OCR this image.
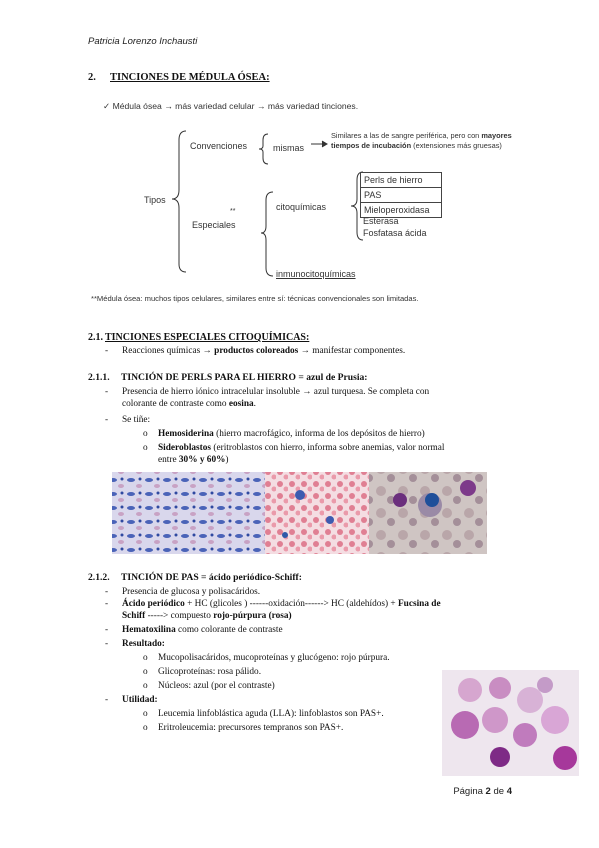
Patricia Lorenzo Inchausti
2. TINCIONES DE MÉDULA ÓSEA:
✓ Médula ósea → más variedad celular → más variedad tinciones.
Tipos
Convenciones	mismas
Similares a las de sangre periférica, pero con mayores
tiempos de incubación (extensiones más gruesas)
Especiales
**	citoquímicas
inmunocitoquímicas
Perls de hierro
PAS
Mieloperoxidasa
Esterasa
Fosfatasa ácida
**Médula ósea: muchos tipos celulares, similares entre sí: técnicas convencionales son limitadas.
2.1. TINCIONES ESPECIALES CITOQUÍMICAS:
- Reacciones químicas → productos coloreados → manifestar componentes.
2.1.1. TINCIÓN DE PERLS PARA EL HIERRO = azul de Prusia:
- Presencia de hierro iónico intracelular insoluble → azul turquesa. Se completa con
colorante de contraste como eosina.
- Se tiñe:
o Hemosiderina (hierro macrofágico, informa de los depósitos de hierro)
o Sideroblastos (eritroblastos con hierro, informa sobre anemias, valor normal
entre 30% y 60%)
2.1.2. TINCIÓN DE PAS = ácido periódico-Schiff:
- Presencia de glucosa y polisacáridos.
- Ácido periódico + HC (glicoles ) ------oxidación------> HC (aldehídos) + Fucsina de
Schiff -----> compuesto rojo-púrpura (rosa)
- Hematoxilina como colorante de contraste
- Resultado:
o Mucopolisacáridos, mucoproteínas y glucógeno: rojo púrpura.
o Glicoproteínas: rosa pálido.
o Núcleos: azul (por el contraste)
- Utilidad:
o Leucemia linfoblástica aguda (LLA): linfoblastos son PAS+.
o Eritroleucemia: precursores tempranos son PAS+.
Página 2 de 4
